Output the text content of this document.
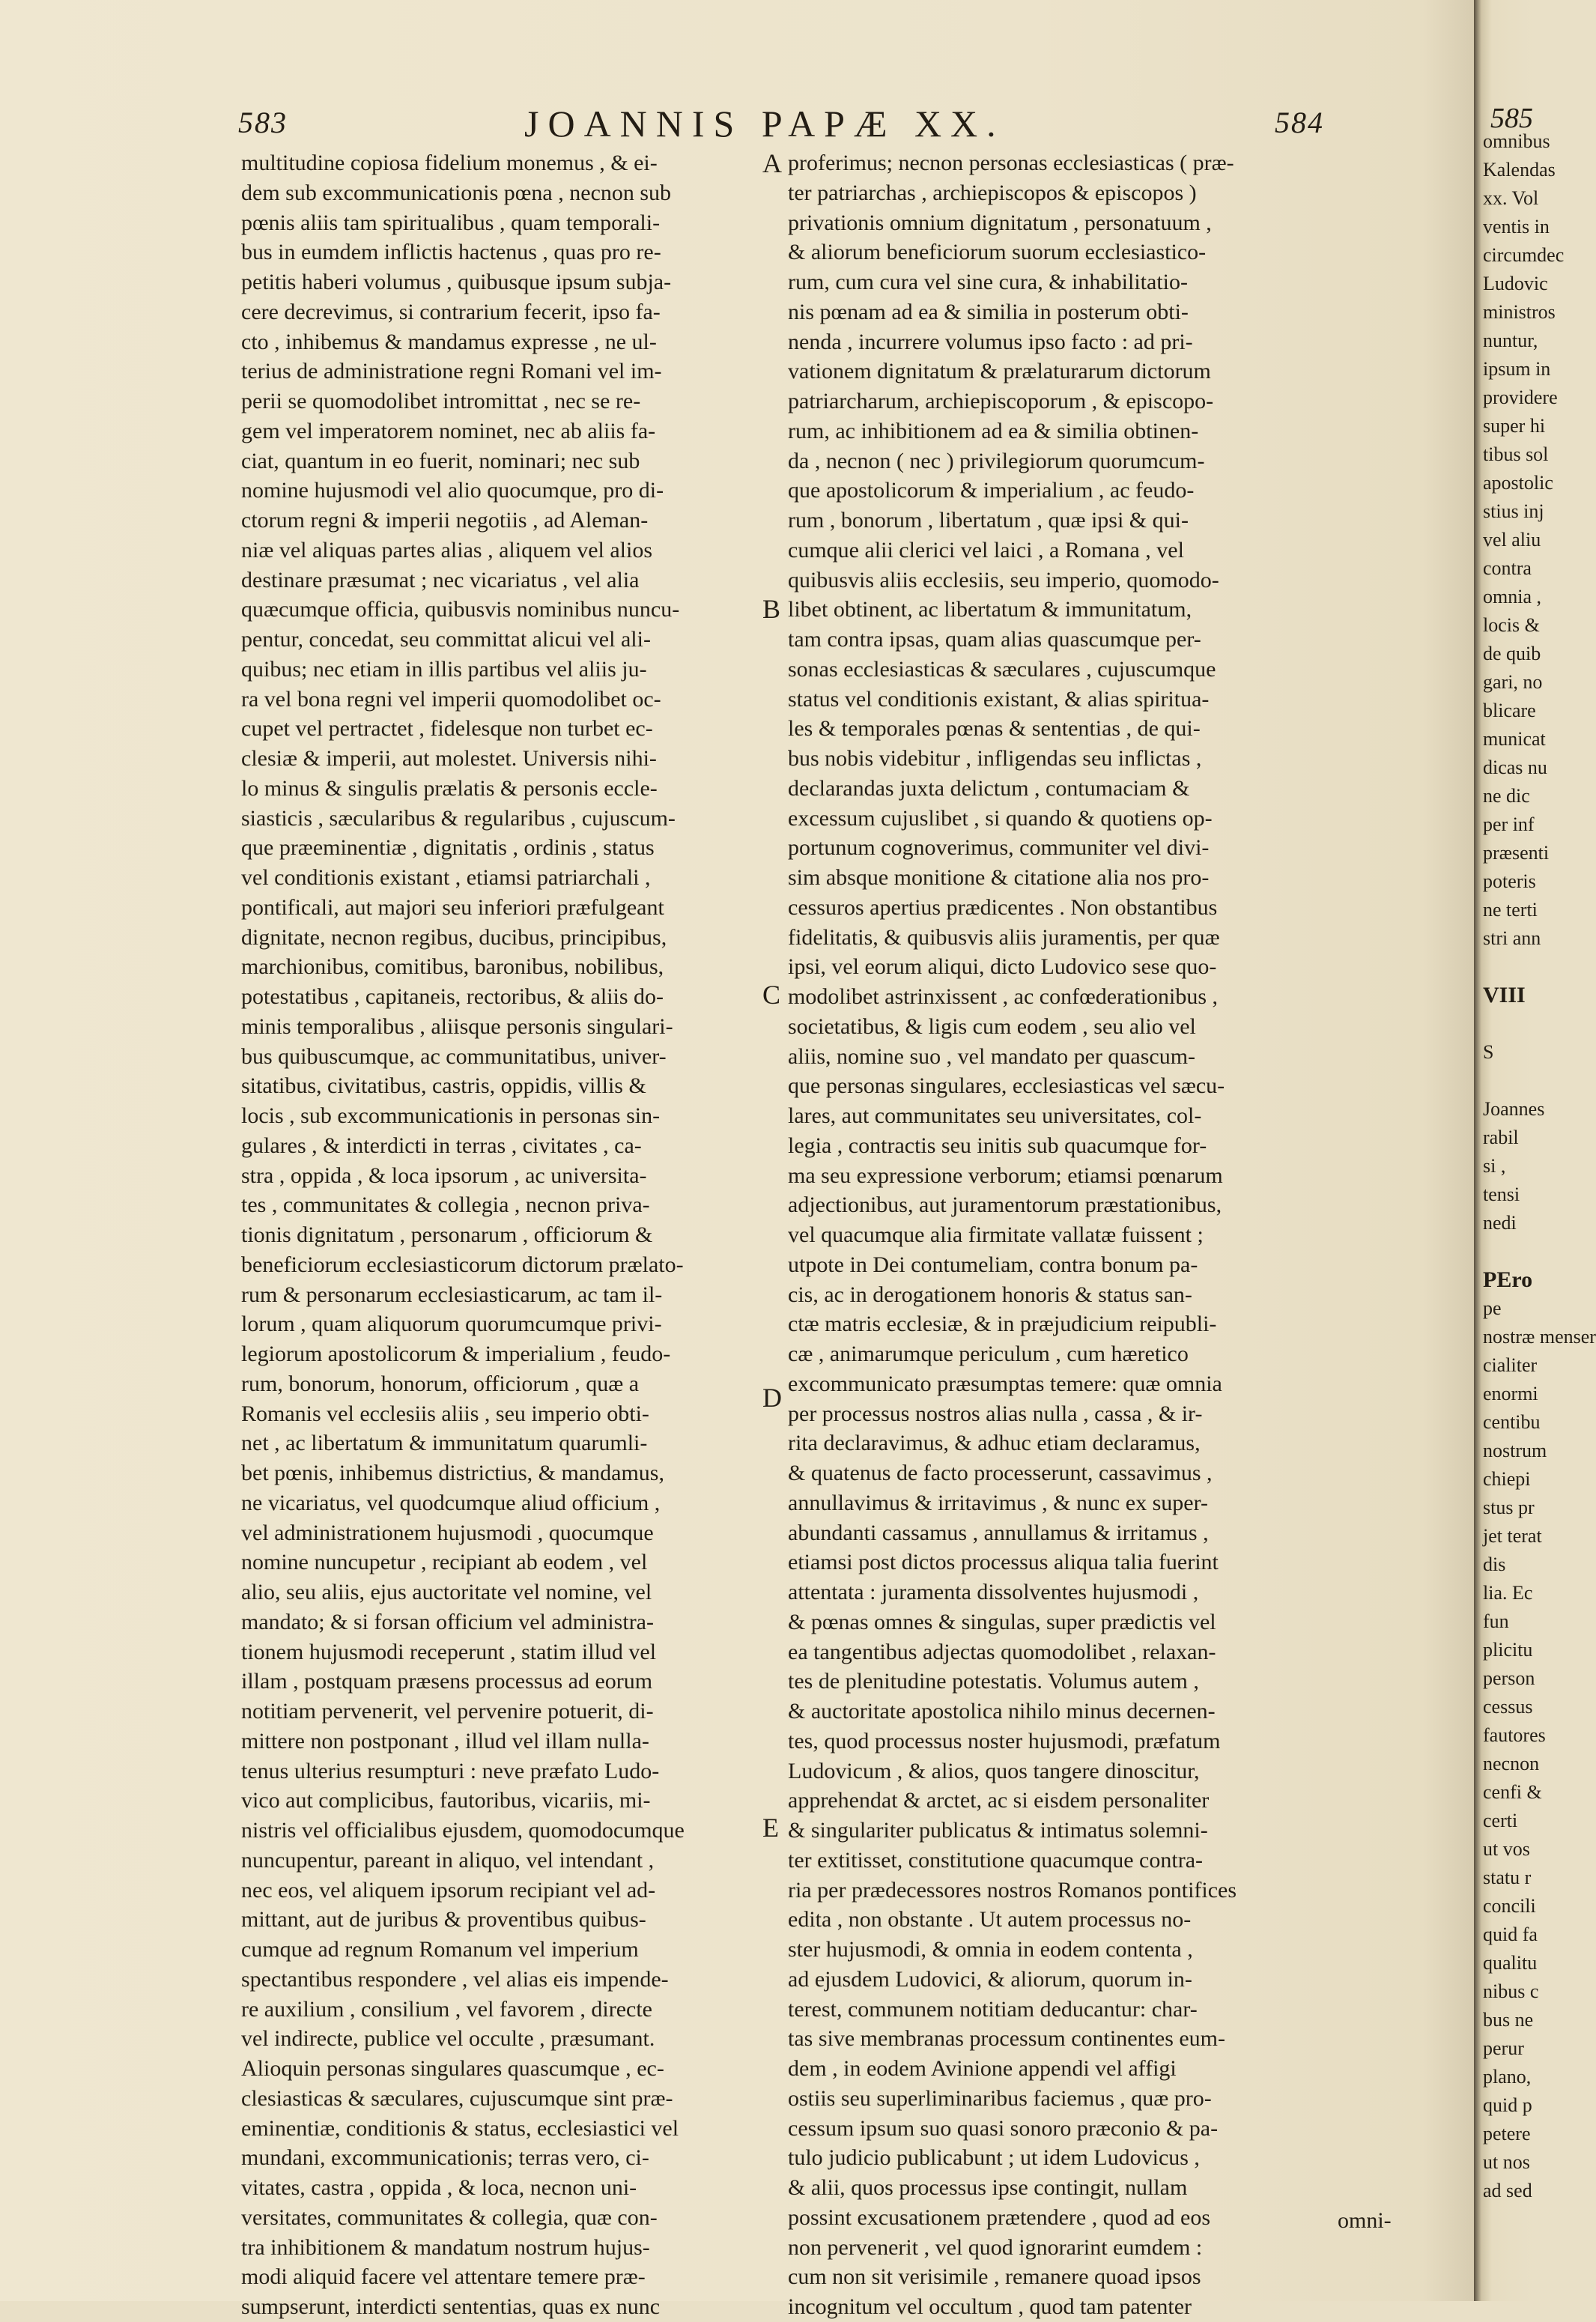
583	JOANNIS PAPÆ XX.	584
multitudine copiosa fidelium monemus , & ei-
dem sub excommunicationis pœna , necnon sub
pœnis aliis tam spiritualibus , quam temporali-
bus in eumdem inflictis hactenus , quas pro re-
petitis haberi volumus , quibusque ipsum subja-
cere decrevimus, si contrarium fecerit, ipso fa-
cto , inhibemus & mandamus expresse , ne ul-
terius de administratione regni Romani vel im-
perii se quomodolibet intromittat , nec se re-
gem vel imperatorem nominet, nec ab aliis fa-
ciat, quantum in eo fuerit, nominari; nec sub
nomine hujusmodi vel alio quocumque, pro di-
ctorum regni & imperii negotiis , ad Aleman-
niæ vel aliquas partes alias , aliquem vel alios
destinare præsumat ; nec vicariatus , vel alia
quæcumque officia, quibusvis nominibus nuncu-
pentur, concedat, seu committat alicui vel ali-
quibus; nec etiam in illis partibus vel aliis ju-
ra vel bona regni vel imperii quomodolibet oc-
cupet vel pertractet , fidelesque non turbet ec-
clesiæ & imperii, aut molestet. Universis nihi-
lo minus & singulis prælatis & personis eccle-
siasticis , sæcularibus & regularibus , cujuscum-
que præeminentiæ , dignitatis , ordinis , status
vel conditionis existant , etiamsi patriarchali ,
pontificali, aut majori seu inferiori præfulgeant
dignitate, necnon regibus, ducibus, principibus,
marchionibus, comitibus, baronibus, nobilibus,
potestatibus , capitaneis, rectoribus, & aliis do-
minis temporalibus , aliisque personis singulari-
bus quibuscumque, ac communitatibus, univer-
sitatibus, civitatibus, castris, oppidis, villis &
locis , sub excommunicationis in personas sin-
gulares , & interdicti in terras , civitates , ca-
stra , oppida , & loca ipsorum , ac universita-
tes , communitates & collegia , necnon priva-
tionis dignitatum , personarum , officiorum &
beneficiorum ecclesiasticorum dictorum prælato-
rum & personarum ecclesiasticarum, ac tam il-
lorum , quam aliquorum quorumcumque privi-
legiorum apostolicorum & imperialium , feudo-
rum, bonorum, honorum, officiorum , quæ a
Romanis vel ecclesiis aliis , seu imperio obti-
net , ac libertatum & immunitatum quarumli-
bet pœnis, inhibemus districtius, & mandamus,
ne vicariatus, vel quodcumque aliud officium ,
vel administrationem hujusmodi , quocumque
nomine nuncupetur , recipiant ab eodem , vel
alio, seu aliis, ejus auctoritate vel nomine, vel
mandato; & si forsan officium vel administra-
tionem hujusmodi receperunt , statim illud vel
illam , postquam præsens processus ad eorum
notitiam pervenerit, vel pervenire potuerit, di-
mittere non postponant , illud vel illam nulla-
tenus ulterius resumpturi : neve præfato Ludo-
vico aut complicibus, fautoribus, vicariis, mi-
nistris vel officialibus ejusdem, quomodocumque
nuncupentur, pareant in aliquo, vel intendant ,
nec eos, vel aliquem ipsorum recipiant vel ad-
mittant, aut de juribus & proventibus quibus-
cumque ad regnum Romanum vel imperium
spectantibus respondere , vel alias eis impende-
re auxilium , consilium , vel favorem , directe
vel indirecte, publice vel occulte , præsumant.
Alioquin personas singulares quascumque , ec-
clesiasticas & sæculares, cujuscumque sint præ-
eminentiæ, conditionis & status, ecclesiastici vel
mundani, excommunicationis; terras vero, ci-
vitates, castra , oppida , & loca, necnon uni-
versitates, communitates & collegia, quæ con-
tra inhibitionem & mandatum nostrum hujus-
modi aliquid facere vel attentare temere præ-
sumpserunt, interdicti sententias, quas ex nunc
A
B
C
D
E
proferimus; necnon personas ecclesiasticas ( præ-
ter patriarchas , archiepiscopos & episcopos )
privationis omnium dignitatum , personatuum ,
& aliorum beneficiorum suorum ecclesiastico-
rum, cum cura vel sine cura, & inhabilitatio-
nis pœnam ad ea & similia in posterum obti-
nenda , incurrere volumus ipso facto : ad pri-
vationem dignitatum & prælaturarum dictorum
patriarcharum, archiepiscoporum , & episcopo-
rum, ac inhibitionem ad ea & similia obtinen-
da , necnon ( nec ) privilegiorum quorumcum-
que apostolicorum & imperialium , ac feudo-
rum , bonorum , libertatum , quæ ipsi & qui-
cumque alii clerici vel laici , a Romana , vel
quibusvis aliis ecclesiis, seu imperio, quomodo-
libet obtinent, ac libertatum & immunitatum,
tam contra ipsas, quam alias quascumque per-
sonas ecclesiasticas & sæculares , cujuscumque
status vel conditionis existant, & alias spiritua-
les & temporales pœnas & sententias , de qui-
bus nobis videbitur , infligendas seu inflictas ,
declarandas juxta delictum , contumaciam &
excessum cujuslibet , si quando & quotiens op-
portunum cognoverimus, communiter vel divi-
sim absque monitione & citatione alia nos pro-
cessuros apertius prædicentes . Non obstantibus
fidelitatis, & quibusvis aliis juramentis, per quæ
ipsi, vel eorum aliqui, dicto Ludovico sese quo-
modolibet astrinxissent , ac confœderationibus ,
societatibus, & ligis cum eodem , seu alio vel
aliis, nomine suo , vel mandato per quascum-
que personas singulares, ecclesiasticas vel sæcu-
lares, aut communitates seu universitates, col-
legia , contractis seu initis sub quacumque for-
ma seu expressione verborum; etiamsi pœnarum
adjectionibus, aut juramentorum præstationibus,
vel quacumque alia firmitate vallatæ fuissent ;
utpote in Dei contumeliam, contra bonum pa-
cis, ac in derogationem honoris & status san-
ctæ matris ecclesiæ, & in præjudicium reipubli-
cæ , animarumque periculum , cum hæretico
excommunicato præsumptas temere: quæ omnia
per processus nostros alias nulla , cassa , & ir-
rita declaravimus, & adhuc etiam declaramus,
& quatenus de facto processerunt, cassavimus ,
annullavimus & irritavimus , & nunc ex super-
abundanti cassamus , annullamus & irritamus ,
etiamsi post dictos processus aliqua talia fuerint
attentata : juramenta dissolventes hujusmodi ,
& pœnas omnes & singulas, super prædictis vel
ea tangentibus adjectas quomodolibet , relaxan-
tes de plenitudine potestatis. Volumus autem ,
& auctoritate apostolica nihilo minus decernen-
tes, quod processus noster hujusmodi, præfatum
Ludovicum , & alios, quos tangere dinoscitur,
apprehendat & arctet, ac si eisdem personaliter
& singulariter publicatus & intimatus solemni-
ter extitisset, constitutione quacumque contra-
ria per prædecessores nostros Romanos pontifices
edita , non obstante . Ut autem processus no-
ster hujusmodi, & omnia in eodem contenta ,
ad ejusdem Ludovici, & aliorum, quorum in-
terest, communem notitiam deducantur: char-
tas sive membranas processum continentes eum-
dem , in eodem Avinione appendi vel affigi
ostiis seu superliminaribus faciemus , quæ pro-
cessum ipsum suo quasi sonoro præconio & pa-
tulo judicio publicabunt ; ut idem Ludovicus ,
& alii, quos processus ipse contingit, nullam
possint excusationem prætendere , quod ad eos
non pervenerit , vel quod ignorarint eumdem :
cum non sit verisimile , remanere quoad ipsos
incognitum vel occultum , quod tam patenter
omni-
585
omnibus
Kalendas
xx. Vol
ventis in
circumdec
Ludovic
ministros
nuntur,
ipsum in
providere
super hi
tibus sol
apostolic
stius inj
vel aliu
contra
omnia ,
locis &
de quib
gari, no
blicare
municat
dicas nu
ne dic
per inf
præsenti
poteris
ne terti
stri ann
VIII
S
Joannes
rabil
si ,
tensi
nedi
PEro
pe
nostræ menser
cialiter
enormi
centibu
nostrum
chiepi
stus pr
jet terat
dis
lia. Ec
fun
plicitu
person
cessus
fautores
necnon
cenfi &
certi
ut vos
statu r
concili
quid fa
qualitu
nibus c
bus ne
perur
plano,
quid p
petere
ut nos
ad sed
